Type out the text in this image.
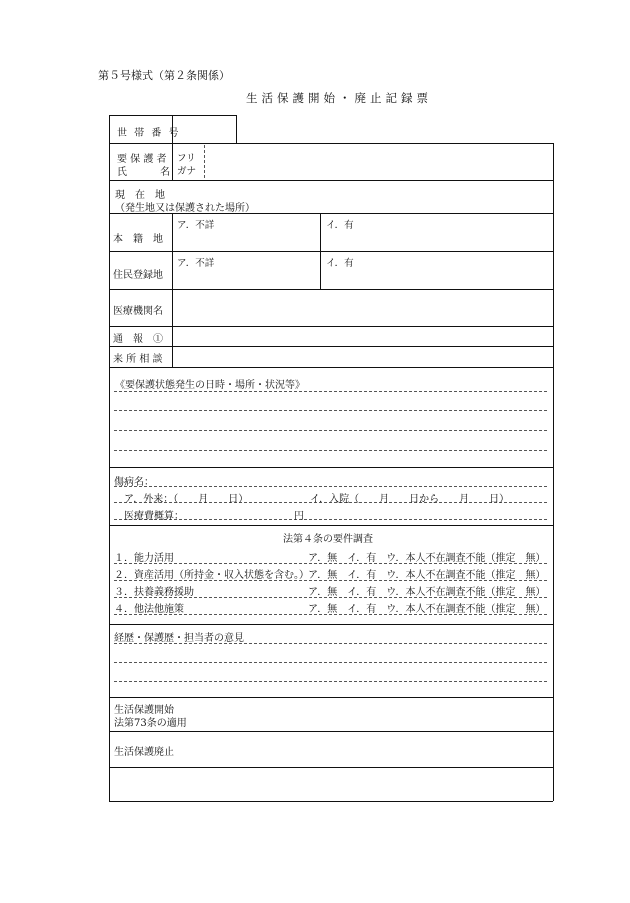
第５号様式（第２条関係）
生活保護開始・廃止記録票
世 帯 番 号
要 保 護 者
氏　　　 名
フリ
ガナ
現　在　地
（発生地又は保護された場所）
本　籍　地
ア．不詳	イ．有
住民登録地
ア．不詳	イ．有
医療機関名
通　報　①
来 所 相 談
《要保護状態発生の日時・場所・状況等》
傷病名：
ア．外来：（　　月　　日）	イ．入院（　　月　　日から　　月　　日）
医療費概算：	円
法第４条の要件調査
１．能力活用	ア．無　イ．有　ウ．本人不在調査不能（推定　無）
２．資産活用（所持金・収入状態を含む。） ア．無　イ．有　ウ．本人不在調査不能（推定　無）
３．扶養義務援助	ア．無　イ．有　ウ．本人不在調査不能（推定　無）
４．他法他施策	ア．無　イ．有　ウ．本人不在調査不能（推定　無）
経歴・保護歴・担当者の意見
生活保護開始
法第73条の適用
生活保護廃止
